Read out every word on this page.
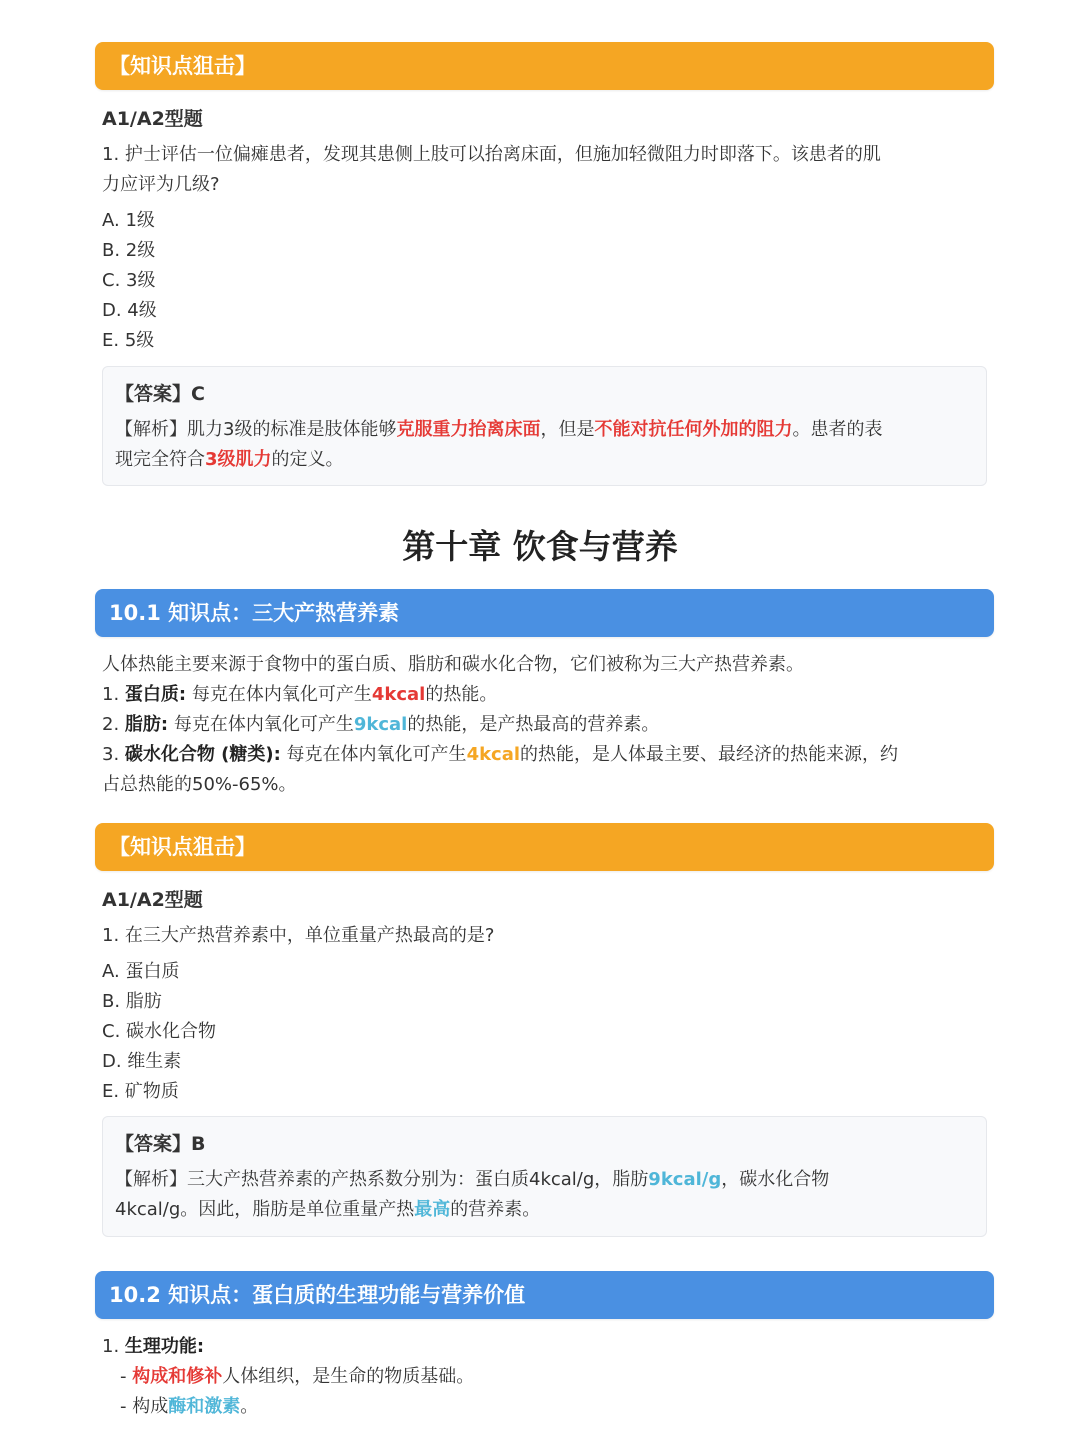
【知识点狙击】
A1/A2型题
1. 护士评估一位偏瘫患者，发现其患侧上肢可以抬离床面，但施加轻微阻力时即落下。该患者的肌
力应评为几级?
A. 1级
B. 2级
C. 3级
D. 4级
E. 5级
【答案】C
【解析】肌力3级的标准是肢体能够克服重力抬离床面，但是不能对抗任何外加的阻力。患者的表
现完全符合3级肌力的定义。
第十章 饮食与营养
10.1 知识点：三大产热营养素
人体热能主要来源于食物中的蛋白质、脂肪和碳水化合物，它们被称为三大产热营养素。
1. 蛋白质: 每克在体内氧化可产生4kcal的热能。
2. 脂肪: 每克在体内氧化可产生9kcal的热能，是产热最高的营养素。
3. 碳水化合物 (糖类): 每克在体内氧化可产生4kcal的热能，是人体最主要、最经济的热能来源，约
占总热能的50%-65%。
【知识点狙击】
A1/A2型题
1. 在三大产热营养素中，单位重量产热最高的是?
A. 蛋白质
B. 脂肪
C. 碳水化合物
D. 维生素
E. 矿物质
【答案】B
【解析】三大产热营养素的产热系数分别为：蛋白质4kcal/g，脂肪9kcal/g，碳水化合物
4kcal/g。因此，脂肪是单位重量产热最高的营养素。
10.2 知识点：蛋白质的生理功能与营养价值
1. 生理功能:
- 构成和修补人体组织，是生命的物质基础。
- 构成酶和激素。
